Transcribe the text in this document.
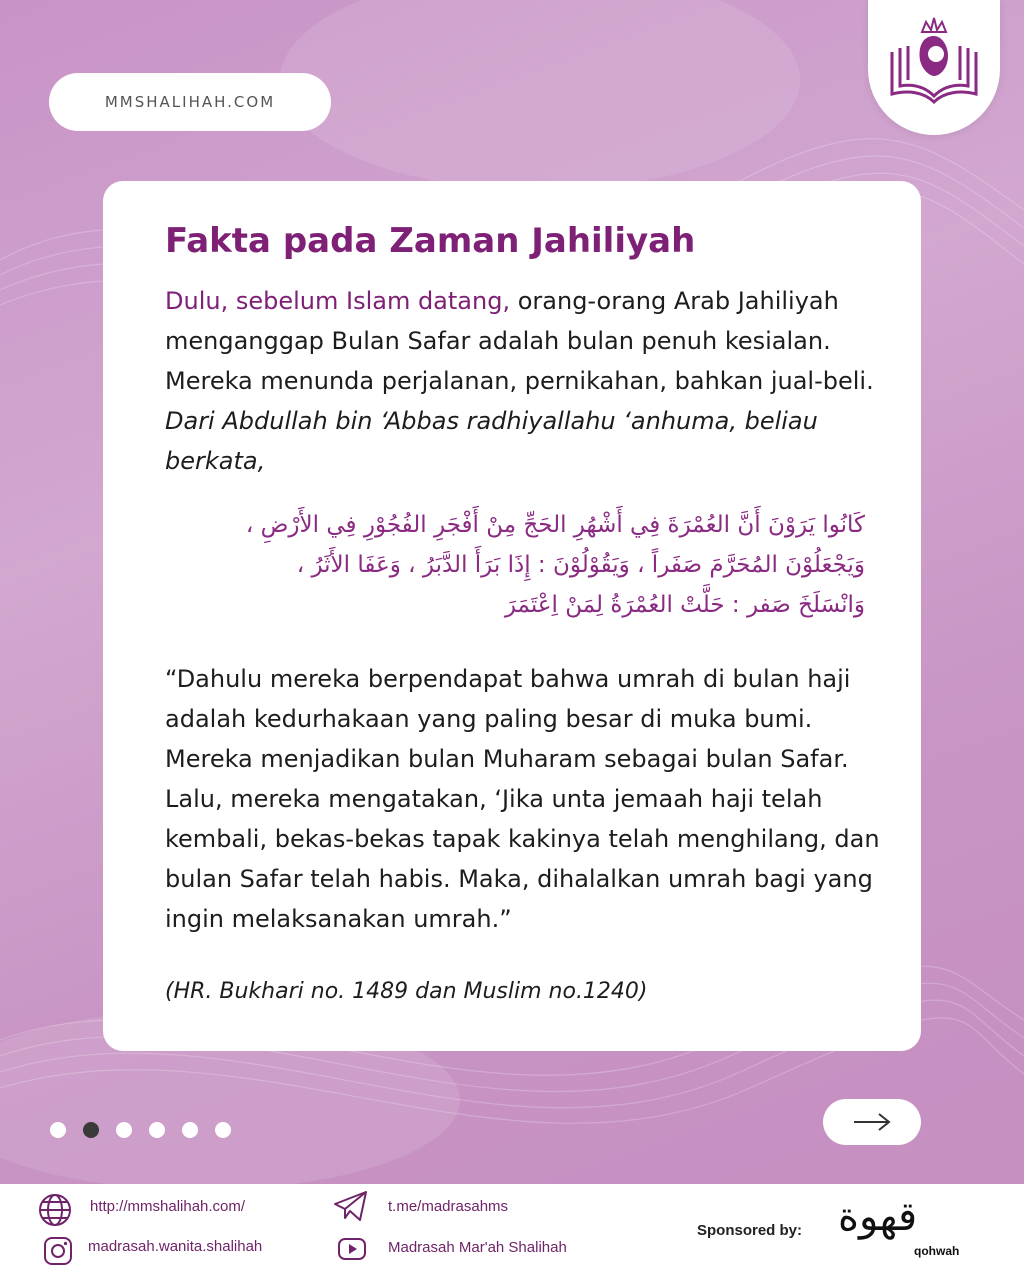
MMSHALIHAH.COM
Fakta pada Zaman Jahiliyah

Dulu, sebelum Islam datang, orang-orang Arab Jahiliyah menganggap Bulan Safar adalah bulan penuh kesialan. Mereka menunda perjalanan, pernikahan, bahkan jual-beli. Dari Abdullah bin ‘Abbas radhiyallahu ‘anhuma, beliau berkata,

كَانُوا يَرَوْنَ أَنَّ العُمْرَةَ فِي أَشْهُرِ الحَجِّ مِنْ أَفْجَرِ الفُجُوْرِ فِي الأَرْضِ ،
وَيَجْعَلُوْنَ المُحَرَّمَ صَفَراً ، وَيَقُوْلُوْنَ : إِذَا بَرَأَ الدَّبَرُ ، وَعَفَا الأَثَرُ ،
وَانْسَلَخَ صَفر : حَلَّتْ العُمْرَةُ لِمَنْ اِعْتَمَرَ

“Dahulu mereka berpendapat bahwa umrah di bulan haji adalah kedurhakaan yang paling besar di muka bumi. Mereka menjadikan bulan Muharam sebagai bulan Safar. Lalu, mereka mengatakan, ‘Jika unta jemaah haji telah kembali, bekas-bekas tapak kakinya telah menghilang, dan bulan Safar telah habis. Maka, dihalalkan umrah bagi yang ingin melaksanakan umrah.”

(HR. Bukhari no. 1489 dan Muslim no.1240)

http://mmshalihah.com/
madrasah.wanita.shalihah
t.me/madrasahms
Madrasah Mar'ah Shalihah
Sponsored by: قهوة
qohwah
